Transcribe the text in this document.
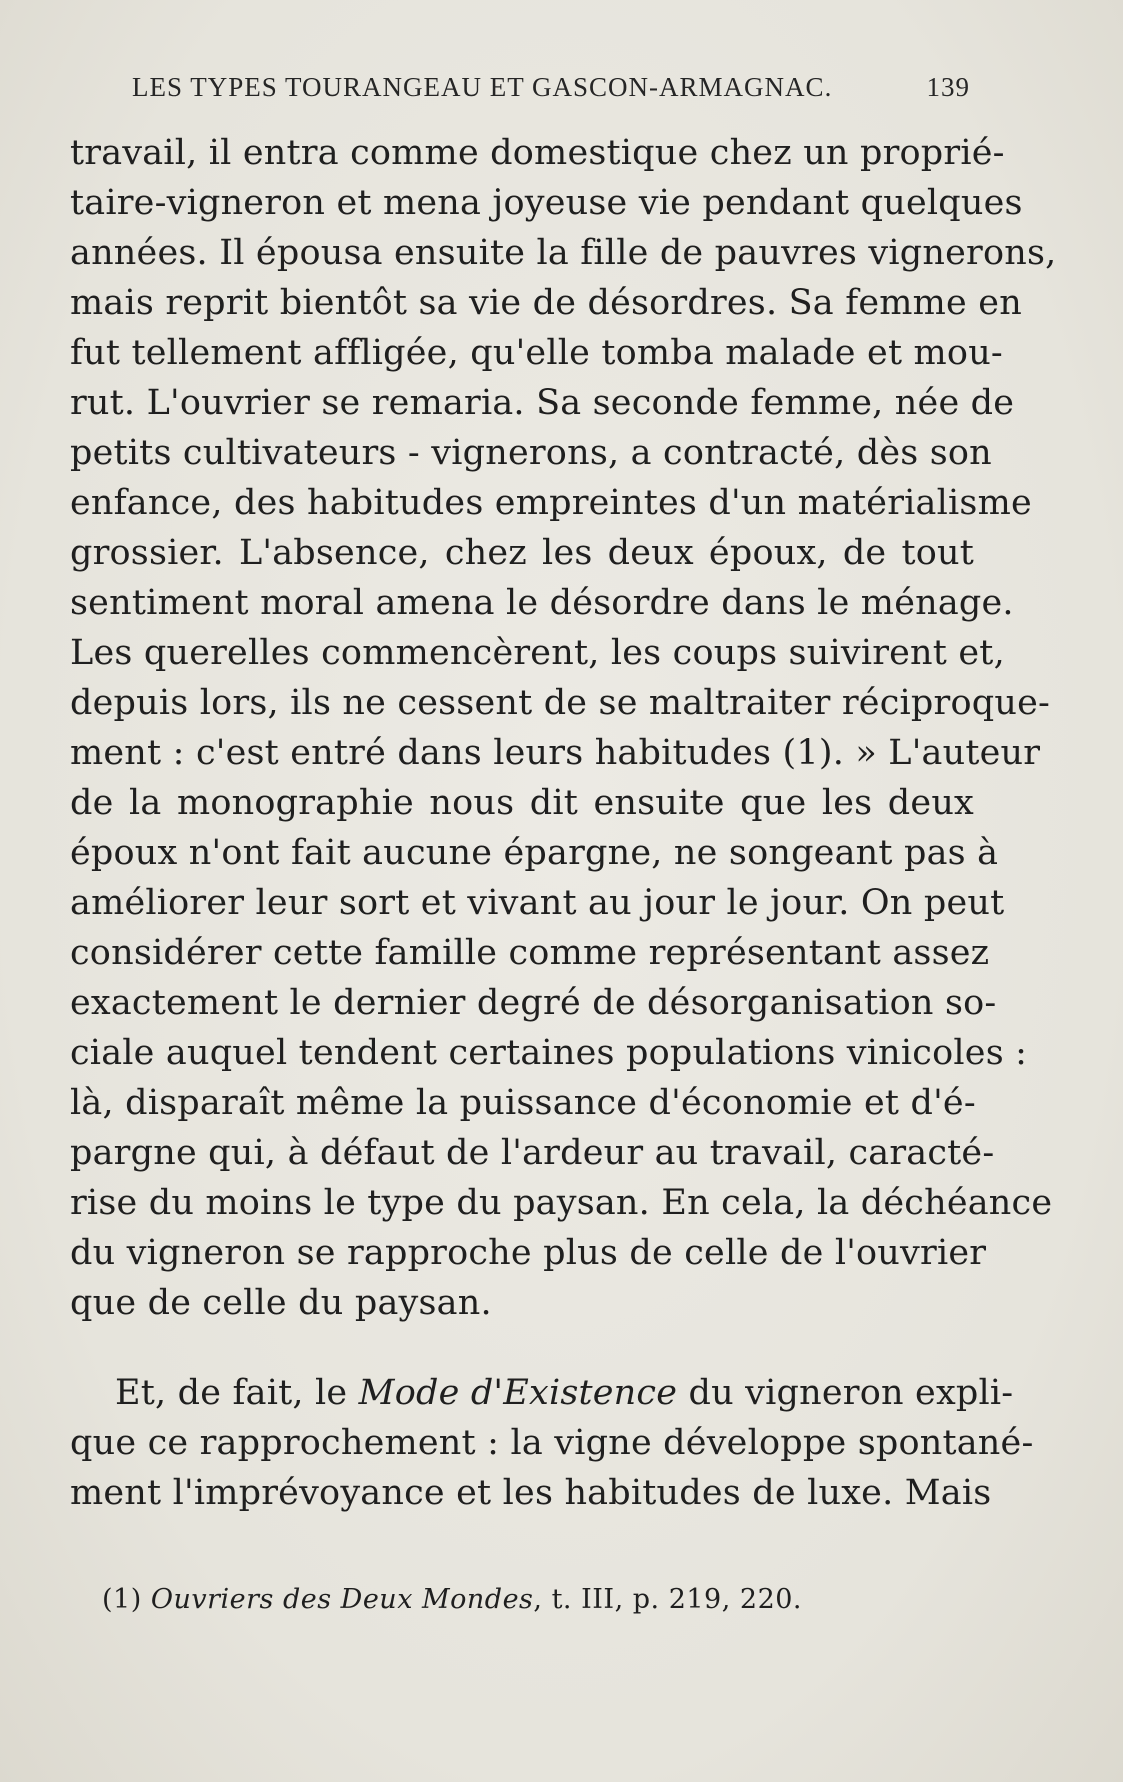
LES TYPES TOURANGEAU ET GASCON-ARMAGNAC.	139
travail, il entra comme domestique chez un proprié-
taire-vigneron et mena joyeuse vie pendant quelques
années. Il épousa ensuite la fille de pauvres vignerons,
mais reprit bientôt sa vie de désordres. Sa femme en
fut tellement affligée, qu'elle tomba malade et mou-
rut. L'ouvrier se remaria. Sa seconde femme, née de
petits cultivateurs - vignerons, a contracté, dès son
enfance, des habitudes empreintes d'un matérialisme
grossier. L'absence, chez les deux époux, de tout
sentiment moral amena le désordre dans le ménage.
Les querelles commencèrent, les coups suivirent et,
depuis lors, ils ne cessent de se maltraiter réciproque-
ment : c'est entré dans leurs habitudes (1). » L'auteur
de la monographie nous dit ensuite que les deux
époux n'ont fait aucune épargne, ne songeant pas à
améliorer leur sort et vivant au jour le jour. On peut
considérer cette famille comme représentant assez
exactement le dernier degré de désorganisation so-
ciale auquel tendent certaines populations vinicoles :
là, disparaît même la puissance d'économie et d'é-
pargne qui, à défaut de l'ardeur au travail, caracté-
rise du moins le type du paysan. En cela, la déchéance
du vigneron se rapproche plus de celle de l'ouvrier
que de celle du paysan.
Et, de fait, le Mode d'Existence du vigneron expli-
que ce rapprochement : la vigne développe spontané-
ment l'imprévoyance et les habitudes de luxe. Mais
(1) Ouvriers des Deux Mondes, t. III, p. 219, 220.
